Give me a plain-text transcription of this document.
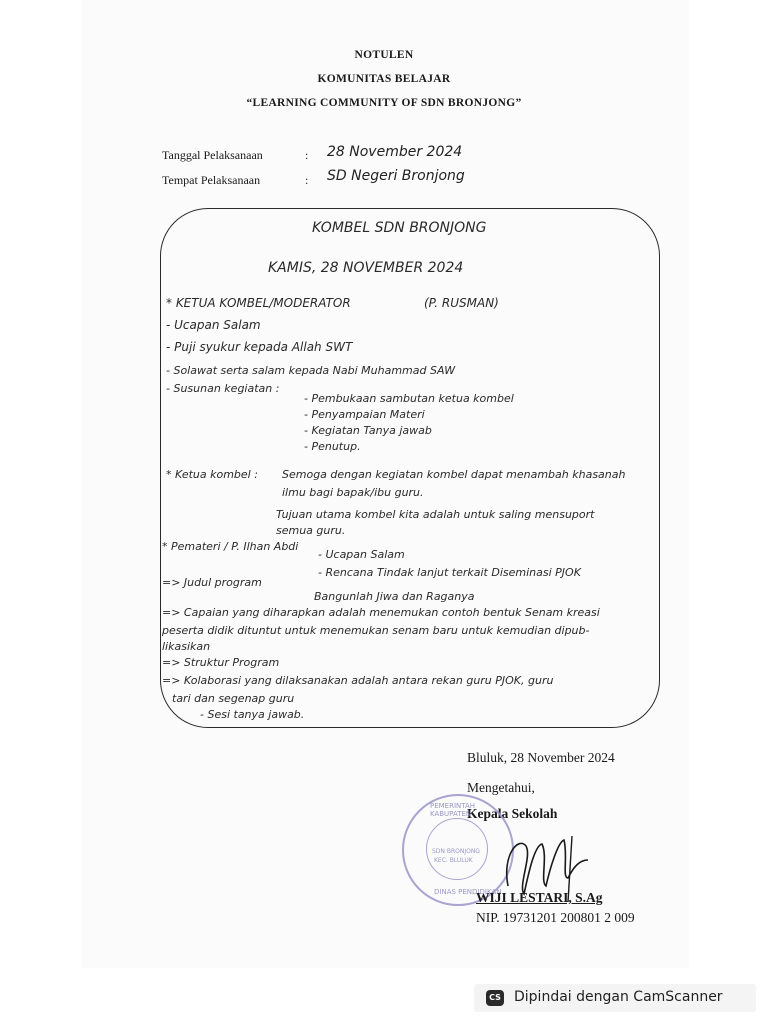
NOTULEN
KOMUNITAS BELAJAR
“LEARNING COMMUNITY OF SDN BRONJONG”
Tanggal Pelaksanaan	: 28 November 2024
Tempat Pelaksanaan	: SD Negeri Bronjong
KOMBEL SDN BRONJONG
KAMIS, 28 NOVEMBER 2024
* KETUA KOMBEL/MODERATOR	(P. RUSMAN)
- Ucapan Salam
- Puji syukur kepada Allah SWT
- Solawat serta salam kepada Nabi Muhammad SAW
- Susunan kegiatan :
- Pembukaan sambutan ketua kombel
- Penyampaian Materi
- Kegiatan Tanya jawab
- Penutup.
* Ketua kombel : Semoga dengan kegiatan kombel dapat menambah khasanah
ilmu bagi bapak/ibu guru.
Tujuan utama kombel kita adalah untuk saling mensuport
semua guru.
* Pemateri / P. Ilhan Abdi
- Ucapan Salam
- Rencana Tindak lanjut terkait Diseminasi PJOK
=> Judul program
Bangunlah Jiwa dan Raganya
=> Capaian yang diharapkan adalah menemukan contoh bentuk Senam kreasi
peserta didik dituntut untuk menemukan senam baru untuk kemudian dipub-
likasikan
=> Struktur Program
=> Kolaborasi yang dilaksanakan adalah antara rekan guru PJOK, guru
tari dan segenap guru
- Sesi tanya jawab.
Bluluk, 28 November 2024
Mengetahui,
Kepala Sekolah
PEMERINTAH KABUPATEN
SDN BRONJONG
KEC. BLULUK
DINAS PENDIDIKAN
WIJI LESTARI, S.Ag
NIP. 19731201 200801 2 009
CS Dipindai dengan CamScanner
